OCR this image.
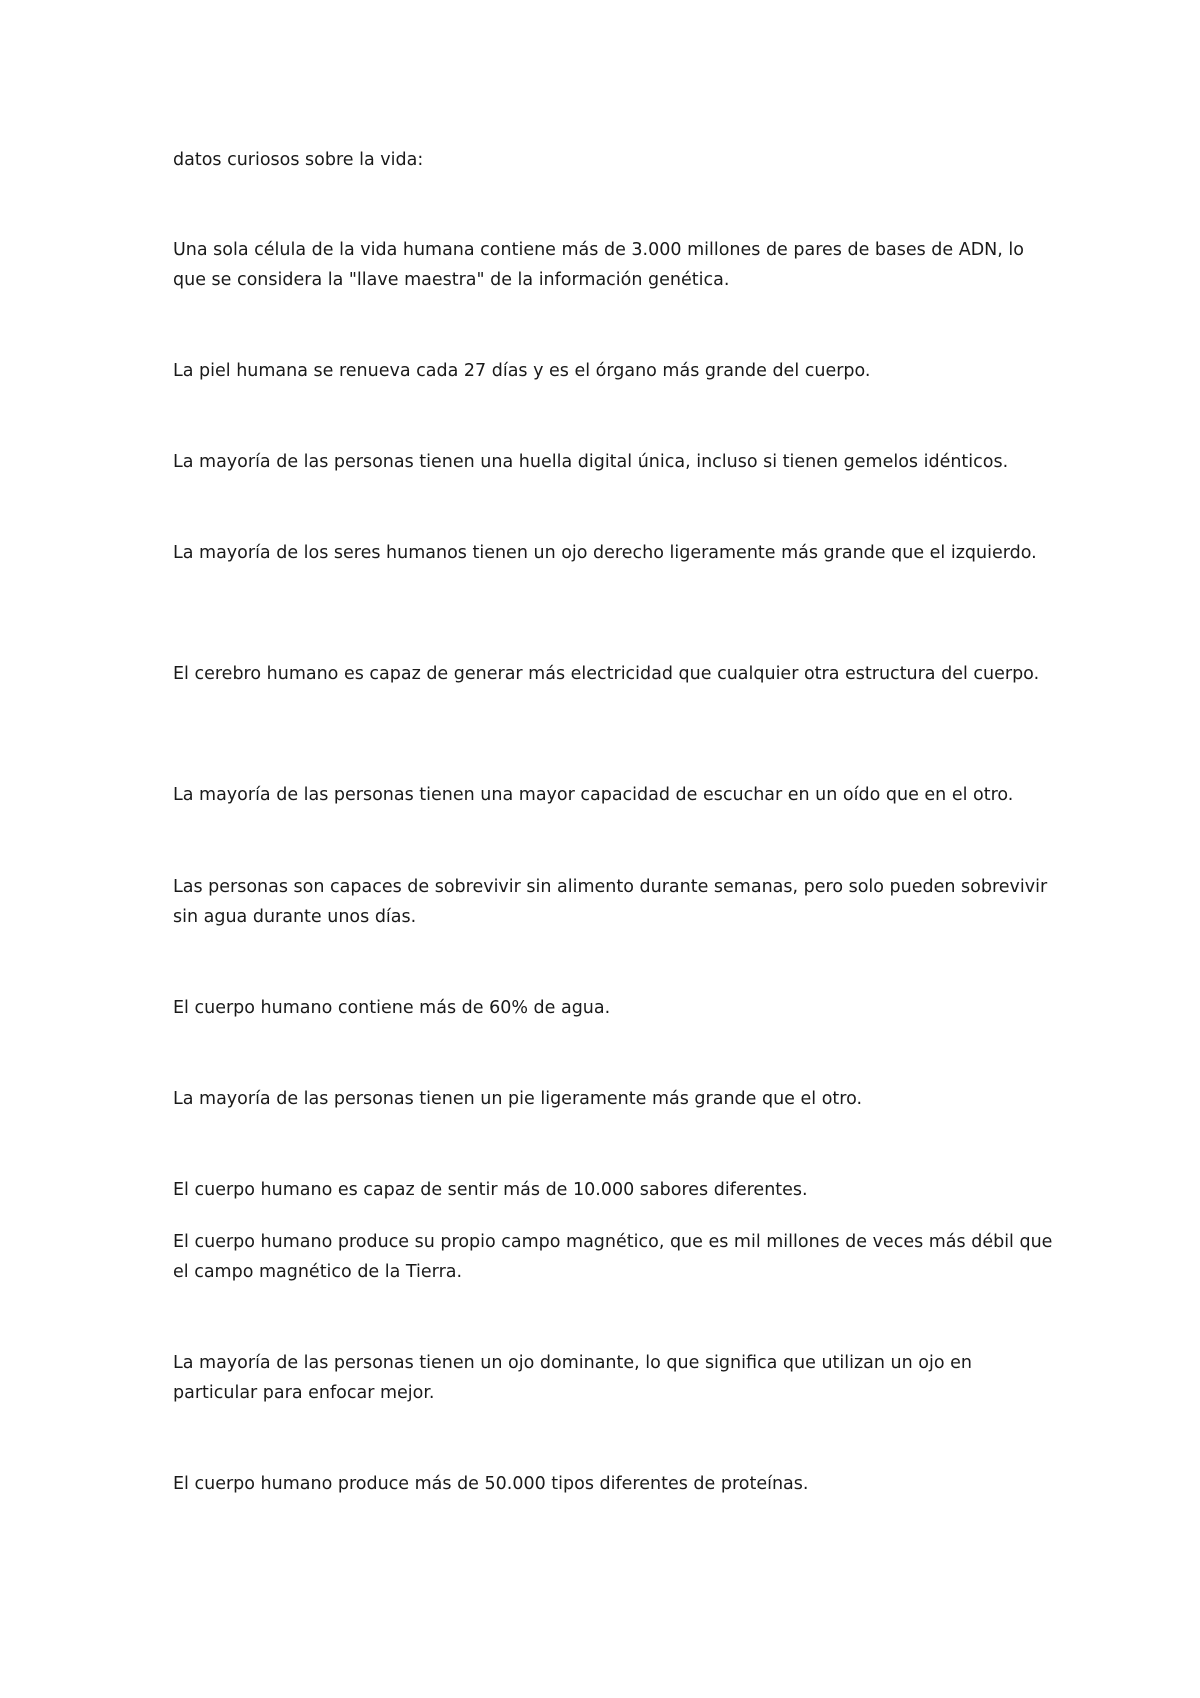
datos curiosos sobre la vida:

Una sola célula de la vida humana contiene más de 3.000 millones de pares de bases de ADN, lo que se considera la "llave maestra" de la información genética.

La piel humana se renueva cada 27 días y es el órgano más grande del cuerpo.

La mayoría de las personas tienen una huella digital única, incluso si tienen gemelos idénticos.

La mayoría de los seres humanos tienen un ojo derecho ligeramente más grande que el izquierdo.

El cerebro humano es capaz de generar más electricidad que cualquier otra estructura del cuerpo.

La mayoría de las personas tienen una mayor capacidad de escuchar en un oído que en el otro.

Las personas son capaces de sobrevivir sin alimento durante semanas, pero solo pueden sobrevivir sin agua durante unos días.

El cuerpo humano contiene más de 60% de agua.

La mayoría de las personas tienen un pie ligeramente más grande que el otro.

El cuerpo humano es capaz de sentir más de 10.000 sabores diferentes.

El cuerpo humano produce su propio campo magnético, que es mil millones de veces más débil que el campo magnético de la Tierra.

La mayoría de las personas tienen un ojo dominante, lo que significa que utilizan un ojo en particular para enfocar mejor.

El cuerpo humano produce más de 50.000 tipos diferentes de proteínas.
